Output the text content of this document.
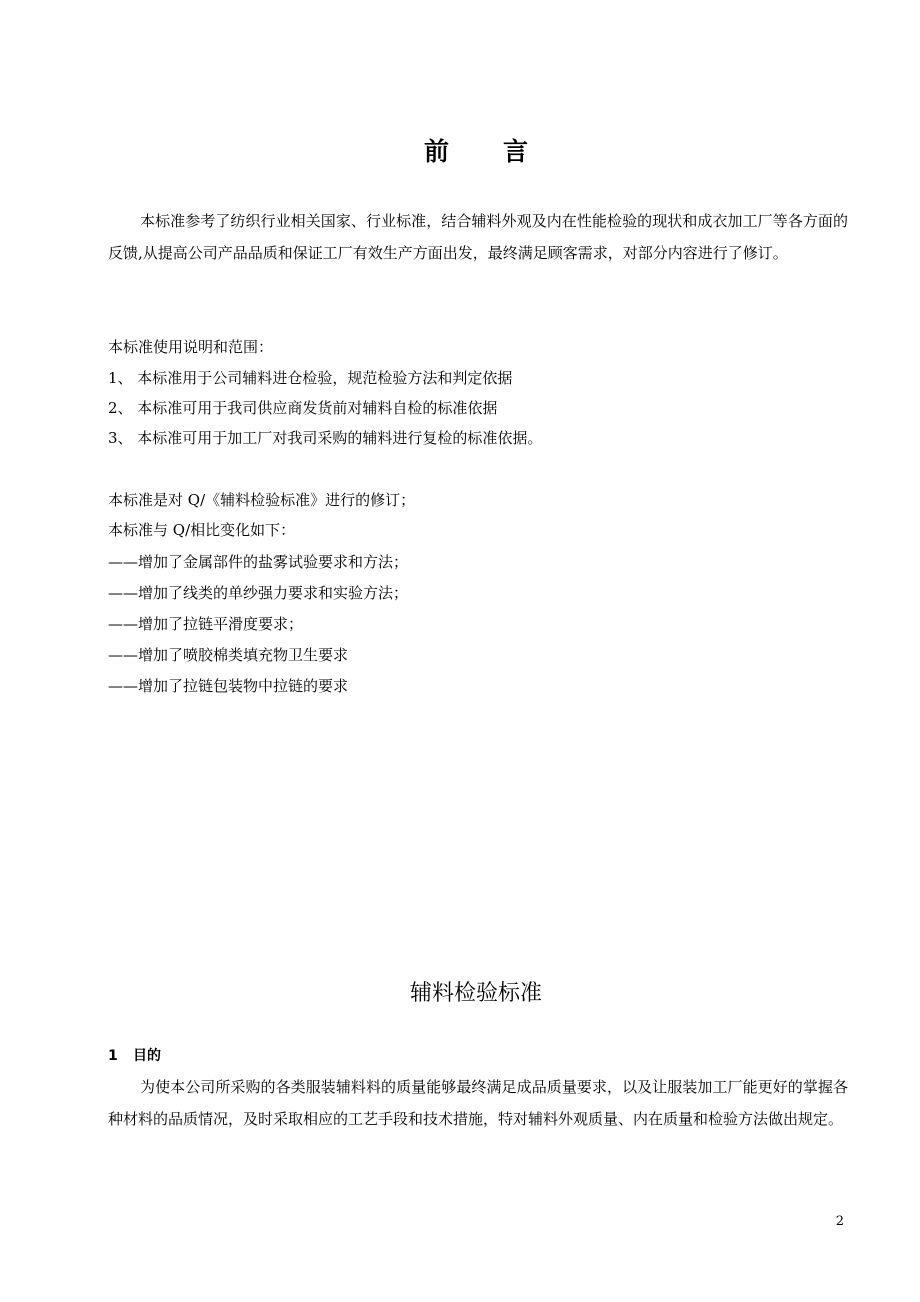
前 言
本标准参考了纺织行业相关国家、行业标准，结合辅料外观及内在性能检验的现状和成衣加工厂等各方面的反馈,从提高公司产品品质和保证工厂有效生产方面出发，最终满足顾客需求，对部分内容进行了修订。
本标准使用说明和范围：
1、 本标准用于公司辅料进仓检验，规范检验方法和判定依据
2、 本标准可用于我司供应商发货前对辅料自检的标准依据
3、 本标准可用于加工厂对我司采购的辅料进行复检的标准依据。
本标准是对 Q/《辅料检验标准》进行的修订；
本标准与 Q/相比变化如下：
——增加了金属部件的盐雾试验要求和方法；
——增加了线类的单纱强力要求和实验方法；
——增加了拉链平滑度要求；
——增加了喷胶棉类填充物卫生要求
——增加了拉链包装物中拉链的要求
辅料检验标准
1 目的
为使本公司所采购的各类服装辅料料的质量能够最终满足成品质量要求，以及让服装加工厂能更好的掌握各种材料的品质情况，及时采取相应的工艺手段和技术措施，特对辅料外观质量、内在质量和检验方法做出规定。
2
